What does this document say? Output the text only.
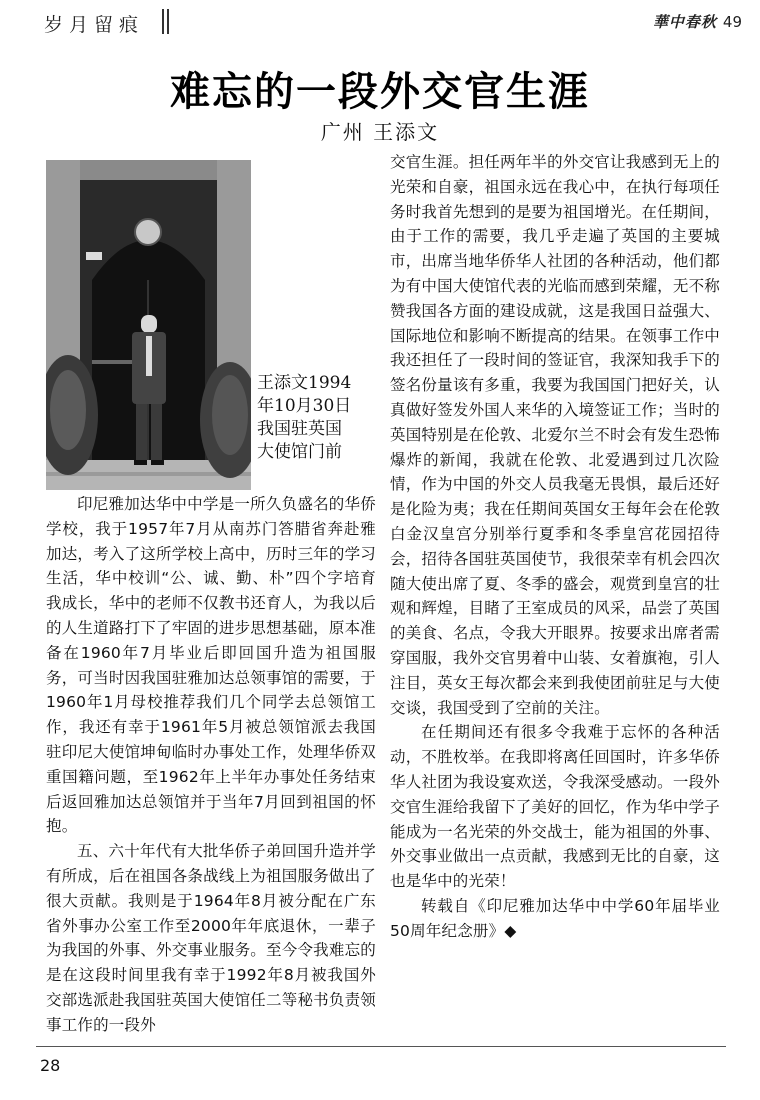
岁月留痕	華中春秋 49
难忘的一段外交官生涯
广州 王添文
王添文1994
年10月30日
我国驻英国
大使馆门前

印尼雅加达华中中学是一所久负盛名的华侨学校，我于1957年7月从南苏门答腊省奔赴雅加达，考入了这所学校上高中，历时三年的学习生活，华中校训“公、诚、勤、朴”四个字培育我成长，华中的老师不仅教书还育人，为我以后的人生道路打下了牢固的进步思想基础，原本准备在1960年7月毕业后即回国升造为祖国服务，可当时因我国驻雅加达总领事馆的需要，于1960年1月母校推荐我们几个同学去总领馆工作，我还有幸于1961年5月被总领馆派去我国驻印尼大使馆坤甸临时办事处工作，处理华侨双重国籍问题，至1962年上半年办事处任务结束后返回雅加达总领馆并于当年7月回到祖国的怀抱。

五、六十年代有大批华侨子弟回国升造并学有所成，后在祖国各条战线上为祖国服务做出了很大贡献。我则是于1964年8月被分配在广东省外事办公室工作至2000年年底退休，一辈子为我国的外事、外交事业服务。至今令我难忘的是在这段时间里我有幸于1992年8月被我国外交部选派赴我国驻英国大使馆任二等秘书负责领事工作的一段外

交官生涯。担任两年半的外交官让我感到无上的光荣和自豪，祖国永远在我心中，在执行每项任务时我首先想到的是要为祖国增光。在任期间，由于工作的需要，我几乎走遍了英国的主要城市，出席当地华侨华人社团的各种活动，他们都为有中国大使馆代表的光临而感到荣耀，无不称赞我国各方面的建设成就，这是我国日益强大、国际地位和影响不断提高的结果。在领事工作中我还担任了一段时间的签证官，我深知我手下的签名份量该有多重，我要为我国国门把好关，认真做好签发外国人来华的入境签证工作；当时的英国特别是在伦敦、北爱尔兰不时会有发生恐怖爆炸的新闻，我就在伦敦、北爱遇到过几次险情，作为中国的外交人员我毫无畏惧，最后还好是化险为夷；我在任期间英国女王每年会在伦敦白金汉皇宫分别举行夏季和冬季皇宫花园招待会，招待各国驻英国使节，我很荣幸有机会四次随大使出席了夏、冬季的盛会，观赏到皇宫的壮观和辉煌，目睹了王室成员的风采，品尝了英国的美食、名点，令我大开眼界。按要求出席者需穿国服，我外交官男着中山装、女着旗袍，引人注目，英女王每次都会来到我使团前驻足与大使交谈，我国受到了空前的关注。

在任期间还有很多令我难于忘怀的各种活动，不胜枚举。在我即将离任回国时，许多华侨华人社团为我设宴欢送，令我深受感动。一段外交官生涯给我留下了美好的回忆，作为华中学子能成为一名光荣的外交战士，能为祖国的外事、外交事业做出一点贡献，我感到无比的自豪，这也是华中的光荣！

转载自《印尼雅加达华中中学60年届毕业50周年纪念册》◆

28
